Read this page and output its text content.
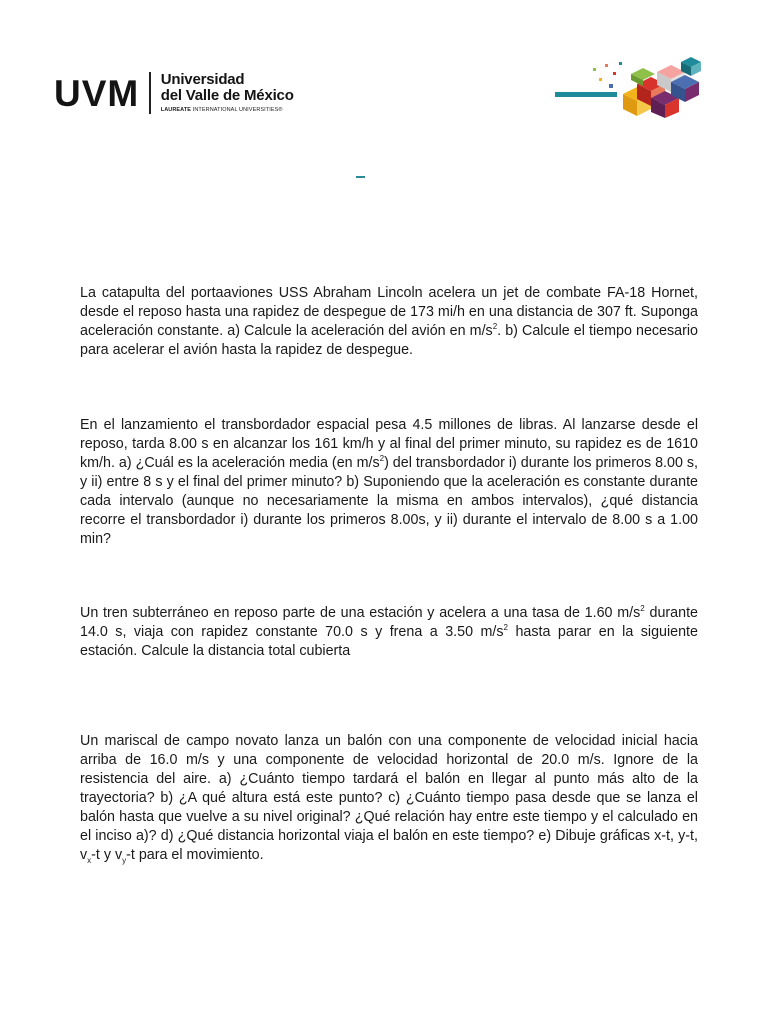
UVM Universidad
del Valle de México
LAUREATE INTERNATIONAL UNIVERSITIES®

La catapulta del portaaviones USS Abraham Lincoln acelera un jet de combate FA-18 Hornet, desde el reposo hasta una rapidez de despegue de 173 mi/h en una distancia de 307 ft. Suponga aceleración constante. a) Calcule la aceleración del avión en $m/s^2$. b) Calcule el tiempo necesario para acelerar el avión hasta la rapidez de despegue.

En el lanzamiento el transbordador espacial pesa 4.5 millones de libras. Al lanzarse desde el reposo, tarda 8.00 s en alcanzar los 161 km/h y al final del primer minuto, su rapidez es de 1610 km/h. a) ¿Cuál es la aceleración media (en $m/s^2$) del transbordador i) durante los primeros 8.00 s, y ii) entre 8 s y el final del primer minuto? b) Suponiendo que la aceleración es constante durante cada intervalo (aunque no necesariamente la misma en ambos intervalos), ¿qué distancia recorre el transbordador i) durante los primeros 8.00s, y ii) durante el intervalo de 8.00 s a 1.00 min?

Un tren subterráneo en reposo parte de una estación y acelera a una tasa de 1.60 $m/s^2$ durante 14.0 s, viaja con rapidez constante 70.0 s y frena a 3.50 $m/s^2$ hasta parar en la siguiente estación. Calcule la distancia total cubierta

Un mariscal de campo novato lanza un balón con una componente de velocidad inicial hacia arriba de 16.0 m/s y una componente de velocidad horizontal de 20.0 m/s. Ignore de la resistencia del aire. a) ¿Cuánto tiempo tardará el balón en llegar al punto más alto de la trayectoria? b) ¿A qué altura está este punto? c) ¿Cuánto tiempo pasa desde que se lanza el balón hasta que vuelve a su nivel original? ¿Qué relación hay entre este tiempo y el calculado en el inciso a)? d) ¿Qué distancia horizontal viaja el balón en este tiempo? e) Dibuje gráficas x-t, y-t, $v_x-t$ y $v_y-t$ para el movimiento.
